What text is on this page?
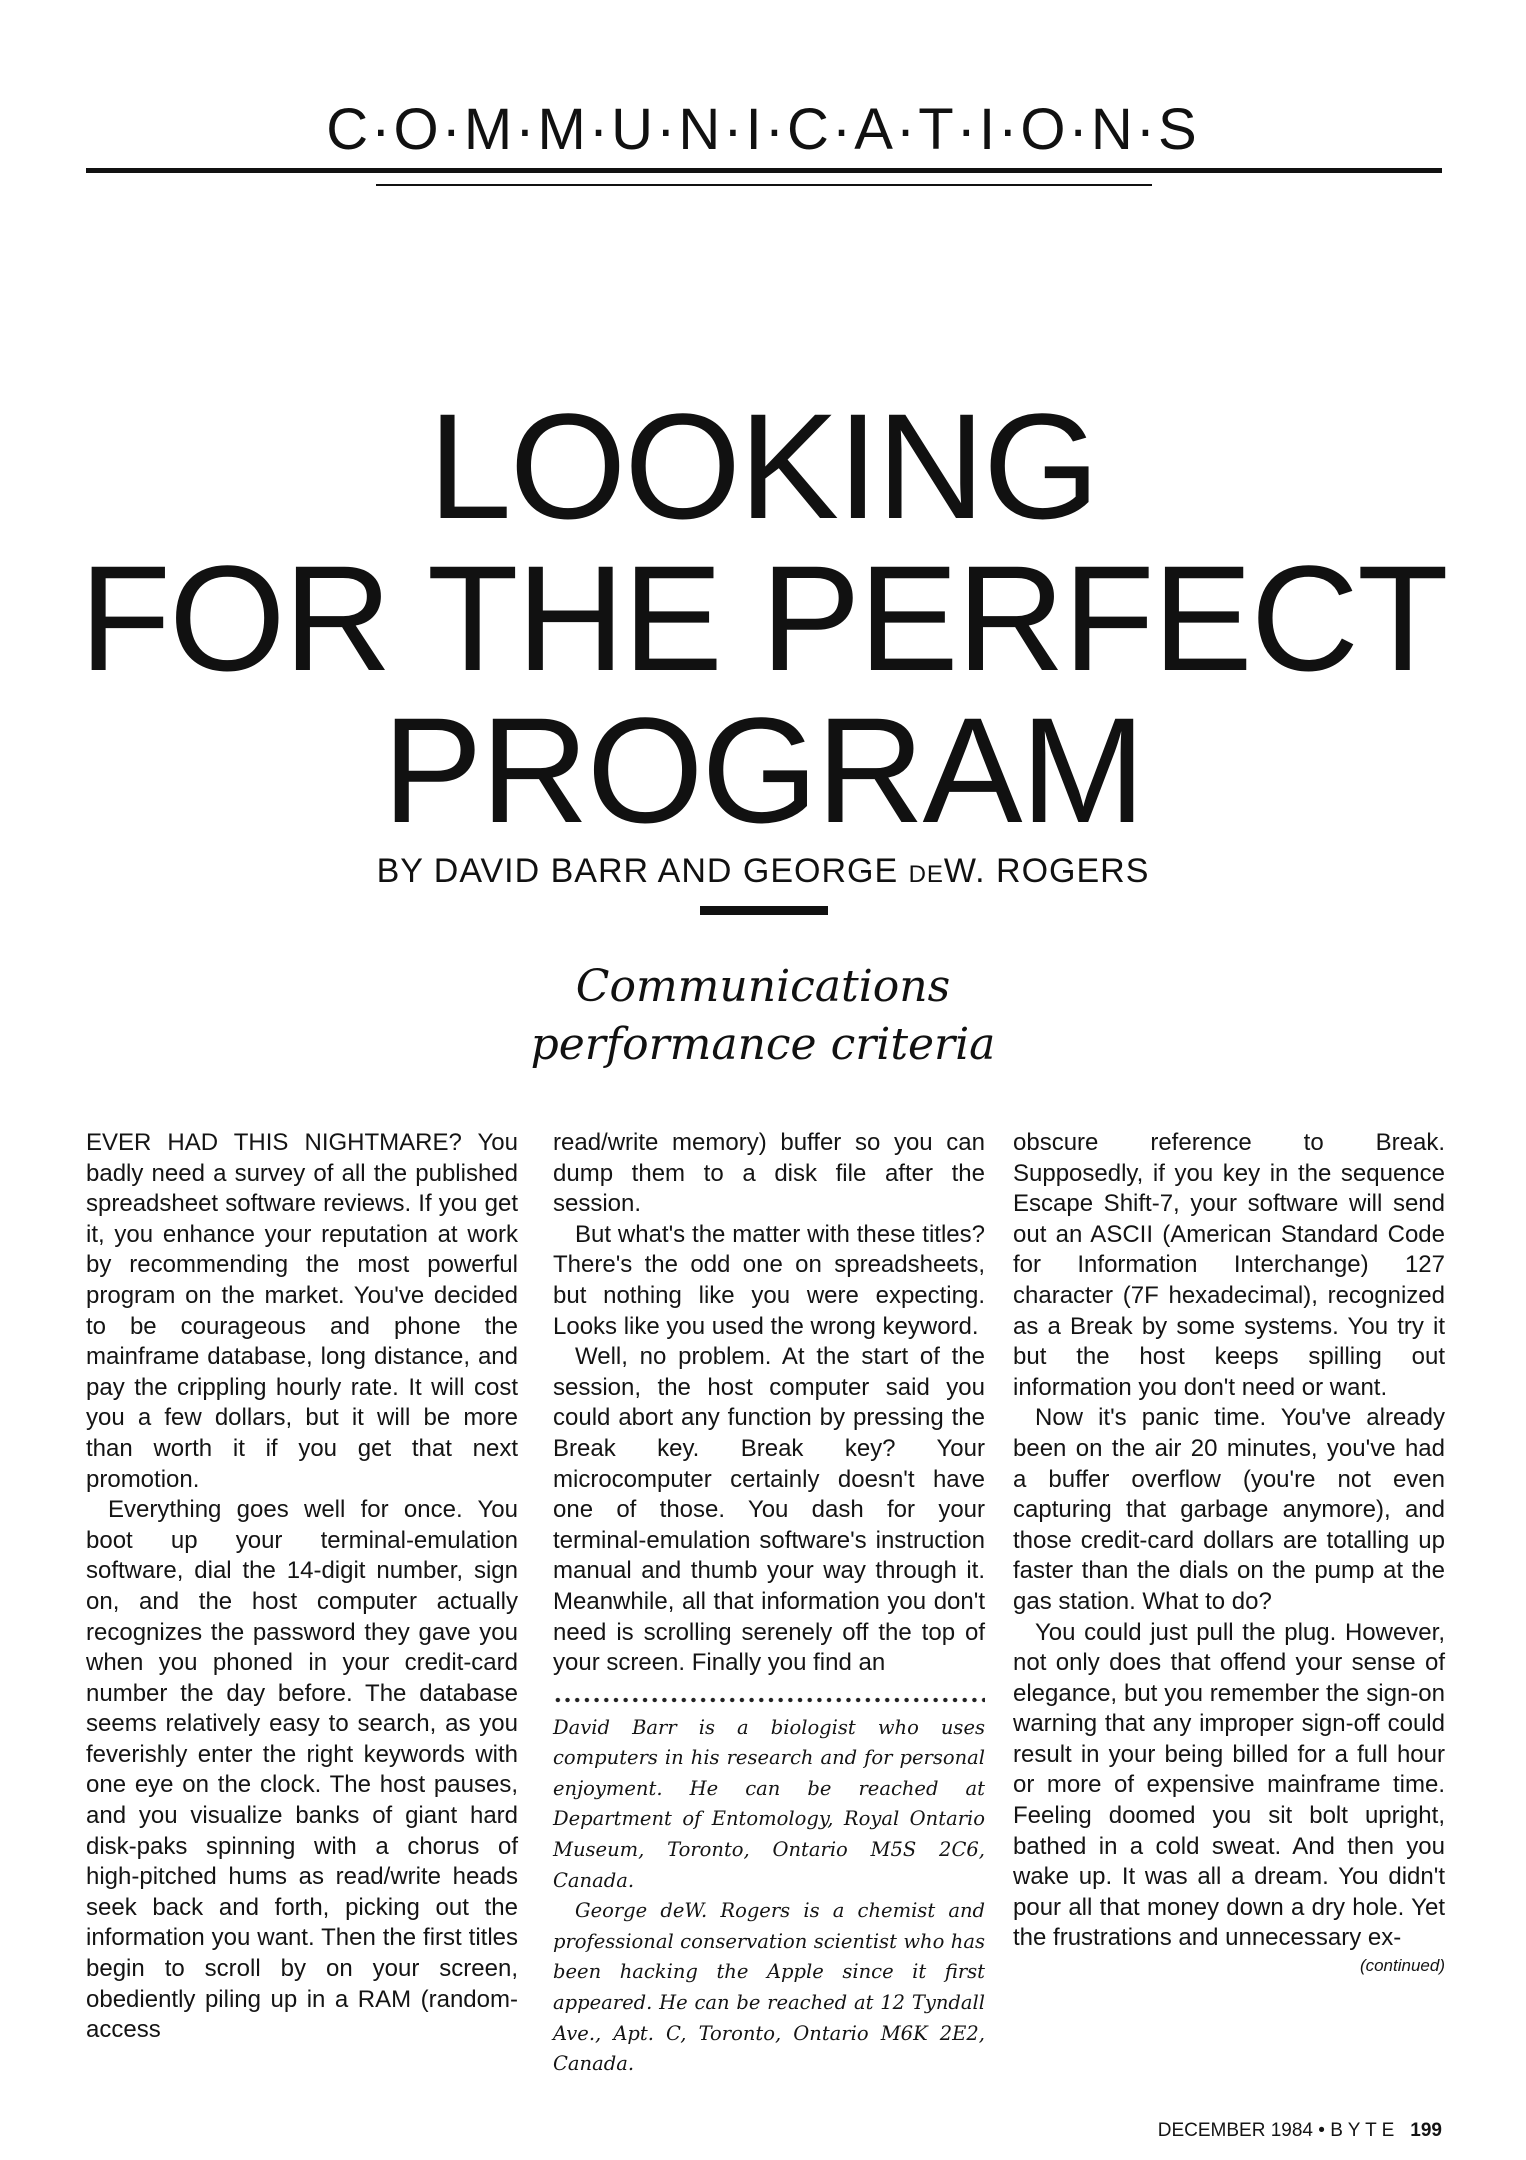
C·O·M·M·U·N·I·C·A·T·I·O·N·S
LOOKING
FOR THE PERFECT
PROGRAM
BY DAVID BARR AND GEORGE deW. ROGERS
Communications
performance criteria

EVER HAD THIS NIGHTMARE? You badly need a survey of all the published spreadsheet software reviews. If you get it, you enhance your reputation at work by recommending the most powerful program on the market. You've decided to be courageous and phone the mainframe database, long distance, and pay the crippling hourly rate. It will cost you a few dollars, but it will be more than worth it if you get that next promotion.

Everything goes well for once. You boot up your terminal-emulation software, dial the 14-digit number, sign on, and the host computer actually recognizes the password they gave you when you phoned in your credit-card number the day before. The database seems relatively easy to search, as you feverishly enter the right keywords with one eye on the clock. The host pauses, and you visualize banks of giant hard disk-paks spinning with a chorus of high-pitched hums as read/write heads seek back and forth, picking out the information you want. Then the first titles begin to scroll by on your screen, obediently piling up in a RAM (random-access

read/write memory) buffer so you can dump them to a disk file after the session.

But what's the matter with these titles? There's the odd one on spreadsheets, but nothing like you were expecting. Looks like you used the wrong keyword.

Well, no problem. At the start of the session, the host computer said you could abort any function by pressing the Break key. Break key? Your microcomputer certainly doesn't have one of those. You dash for your terminal-emulation software's instruction manual and thumb your way through it. Meanwhile, all that information you don't need is scrolling serenely off the top of your screen. Finally you find an

David Barr is a biologist who uses computers in his research and for personal enjoyment. He can be reached at Department of Entomology, Royal Ontario Museum, Toronto, Ontario M5S 2C6, Canada.

George deW. Rogers is a chemist and professional conservation scientist who has been hacking the Apple since it first appeared. He can be reached at 12 Tyndall Ave., Apt. C, Toronto, Ontario M6K 2E2, Canada.

obscure reference to Break. Supposedly, if you key in the sequence Escape Shift-7, your software will send out an ASCII (American Standard Code for Information Interchange) 127 character (7F hexadecimal), recognized as a Break by some systems. You try it but the host keeps spilling out information you don't need or want.

Now it's panic time. You've already been on the air 20 minutes, you've had a buffer overflow (you're not even capturing that garbage anymore), and those credit-card dollars are totalling up faster than the dials on the pump at the gas station. What to do?

You could just pull the plug. However, not only does that offend your sense of elegance, but you remember the sign-on warning that any improper sign-off could result in your being billed for a full hour or more of expensive mainframe time. Feeling doomed you sit bolt upright, bathed in a cold sweat. And then you wake up. It was all a dream. You didn't pour all that money down a dry hole. Yet the frustrations and unnecessary ex-

(continued)
DECEMBER 1984 • B Y T E 199
